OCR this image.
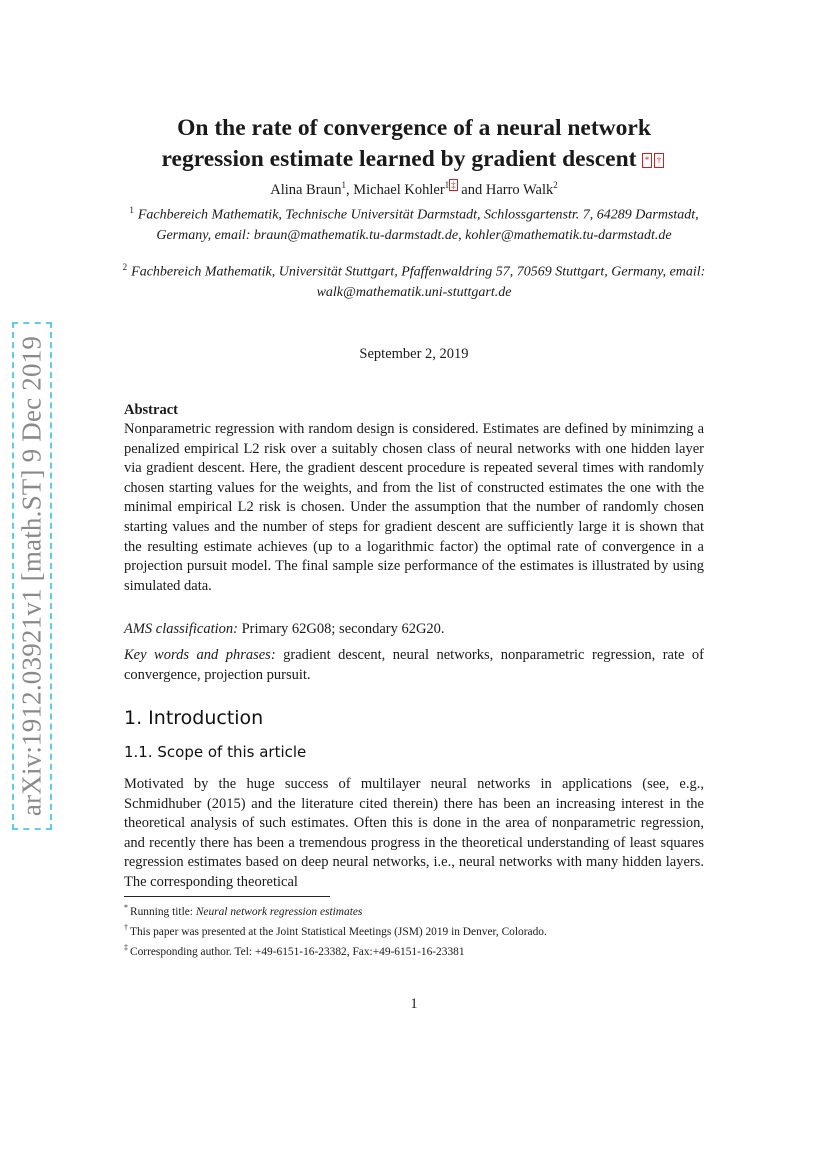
arXiv:1912.03921v1 [math.ST] 9 Dec 2019
On the rate of convergence of a neural network
regression estimate learned by gradient descent * †
Alina Braun$^1$, Michael Kohler$^1$ ‡ and Harro Walk$^2$
$^1$ Fachbereich Mathematik, Technische Universität Darmstadt, Schlossgartenstr. 7, 64289 Darmstadt, Germany, email: braun@mathematik.tu-darmstadt.de, kohler@mathematik.tu-darmstadt.de
$^2$ Fachbereich Mathematik, Universität Stuttgart, Pfaffenwaldring 57, 70569 Stuttgart, Germany, email: walk@mathematik.uni-stuttgart.de
September 2, 2019
Abstract

Nonparametric regression with random design is considered. Estimates are defined by minimzing a penalized empirical L2 risk over a suitably chosen class of neural networks with one hidden layer via gradient descent. Here, the gradient descent procedure is repeated several times with randomly chosen starting values for the weights, and from the list of constructed estimates the one with the minimal empirical L2 risk is chosen. Under the assumption that the number of randomly chosen starting values and the number of steps for gradient descent are sufficiently large it is shown that the resulting estimate achieves (up to a logarithmic factor) the optimal rate of convergence in a projection pursuit model. The final sample size performance of the estimates is illustrated by using simulated data.

AMS classification: Primary 62G08; secondary 62G20.

Key words and phrases: gradient descent, neural networks, nonparametric regression, rate of convergence, projection pursuit.

1. Introduction
1.1. Scope of this article

Motivated by the huge success of multilayer neural networks in applications (see, e.g., Schmidhuber (2015) and the literature cited therein) there has been an increasing interest in the theoretical analysis of such estimates. Often this is done in the area of nonparametric regression, and recently there has been a tremendous progress in the theoretical understanding of least squares regression estimates based on deep neural networks, i.e., neural networks with many hidden layers. The corresponding theoretical

* Running title: Neural network regression estimates
† This paper was presented at the Joint Statistical Meetings (JSM) 2019 in Denver, Colorado.
‡ Corresponding author. Tel: +49-6151-16-23382, Fax:+49-6151-16-23381
1
